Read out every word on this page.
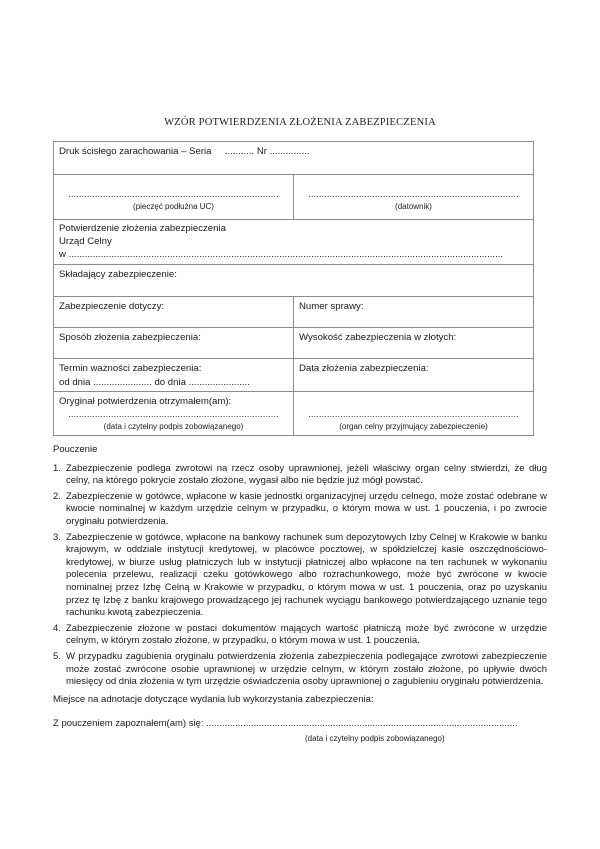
WZÓR POTWIERDZENIA ZŁOŻENIA ZABEZPIECZENIA
Druk ścisłego zarachowania – Seria     ........... Nr ...............
...............................................................................
(pieczęć podłużna UC)
...............................................................................
(datownik)
Potwierdzenie złożenia zabezpieczenia
Urząd Celny
w ...................................................................................................................................................................
Składający zabezpieczenie:
Zabezpieczenie dotyczy:	Numer sprawy:
Sposób złożenia zabezpieczenia:	Wysokość zabezpieczenia w złotych:
Termin ważności zabezpieczenia:
od dnia ...................... do dnia .......................
Data złożenia zabezpieczenia:
Oryginał potwierdzenia otrzymałem(am):
...............................................................................
(data i czytelny podpis zobowiązanego)
...............................................................................
(organ celny przyjmujący zabezpieczenie)
Pouczenie
1. Zabezpieczenie podlega zwrotowi na rzecz osoby uprawnionej, jeżeli właściwy organ celny stwierdzi, że dług celny, na którego pokrycie zostało złożone, wygasł albo nie będzie już mógł powstać.
2. Zabezpieczenie w gotówce, wpłacone w kasie jednostki organizacyjnej urzędu celnego, może zostać odebrane w kwocie nominalnej w każdym urzędzie celnym w przypadku, o którym mowa w ust. 1 pouczenia, i po zwrocie oryginału potwierdzenia.
3. Zabezpieczenie w gotówce, wpłacone na bankowy rachunek sum depozytowych Izby Celnej w Krakowie w banku krajowym, w oddziale instytucji kredytowej, w placówce pocztowej, w spółdzielczej kasie oszczędnościowo-kredytowej, w biurze usług płatniczych lub w instytucji płatniczej albo wpłacone na ten rachunek w wykonaniu polecenia przelewu, realizacji czeku gotówkowego albo rozrachunkowego, może być zwrócone w kwocie nominalnej przez Izbę Celną w Krakowie w przypadku, o którym mowa w ust. 1 pouczenia, oraz po uzyskaniu przez tę Izbę z banku krajowego prowadzącego jej rachunek wyciągu bankowego potwierdzającego uznanie tego rachunku kwotą zabezpieczenia.
4. Zabezpieczenie złożone w postaci dokumentów mających wartość płatniczą może być zwrócone w urzędzie celnym, w którym zostało złożone, w przypadku, o którym mowa w ust. 1 pouczenia.
5. W przypadku zagubienia oryginału potwierdzenia złożenia zabezpieczenia podlegające zwrotowi zabezpieczenie może zostać zwrócone osobie uprawnionej w urzędzie celnym, w którym zostało złożone, po upływie dwóch miesięcy od dnia złożenia w tym urzędzie oświadczenia osoby uprawnionej o zagubieniu oryginału potwierdzenia.
Miejsce na adnotacje dotyczące wydania lub wykorzystania zabezpieczenia:
Z pouczeniem zapoznałem(am) się: ......................................................................................................................
(data i czytelny podpis zobowiązanego)
